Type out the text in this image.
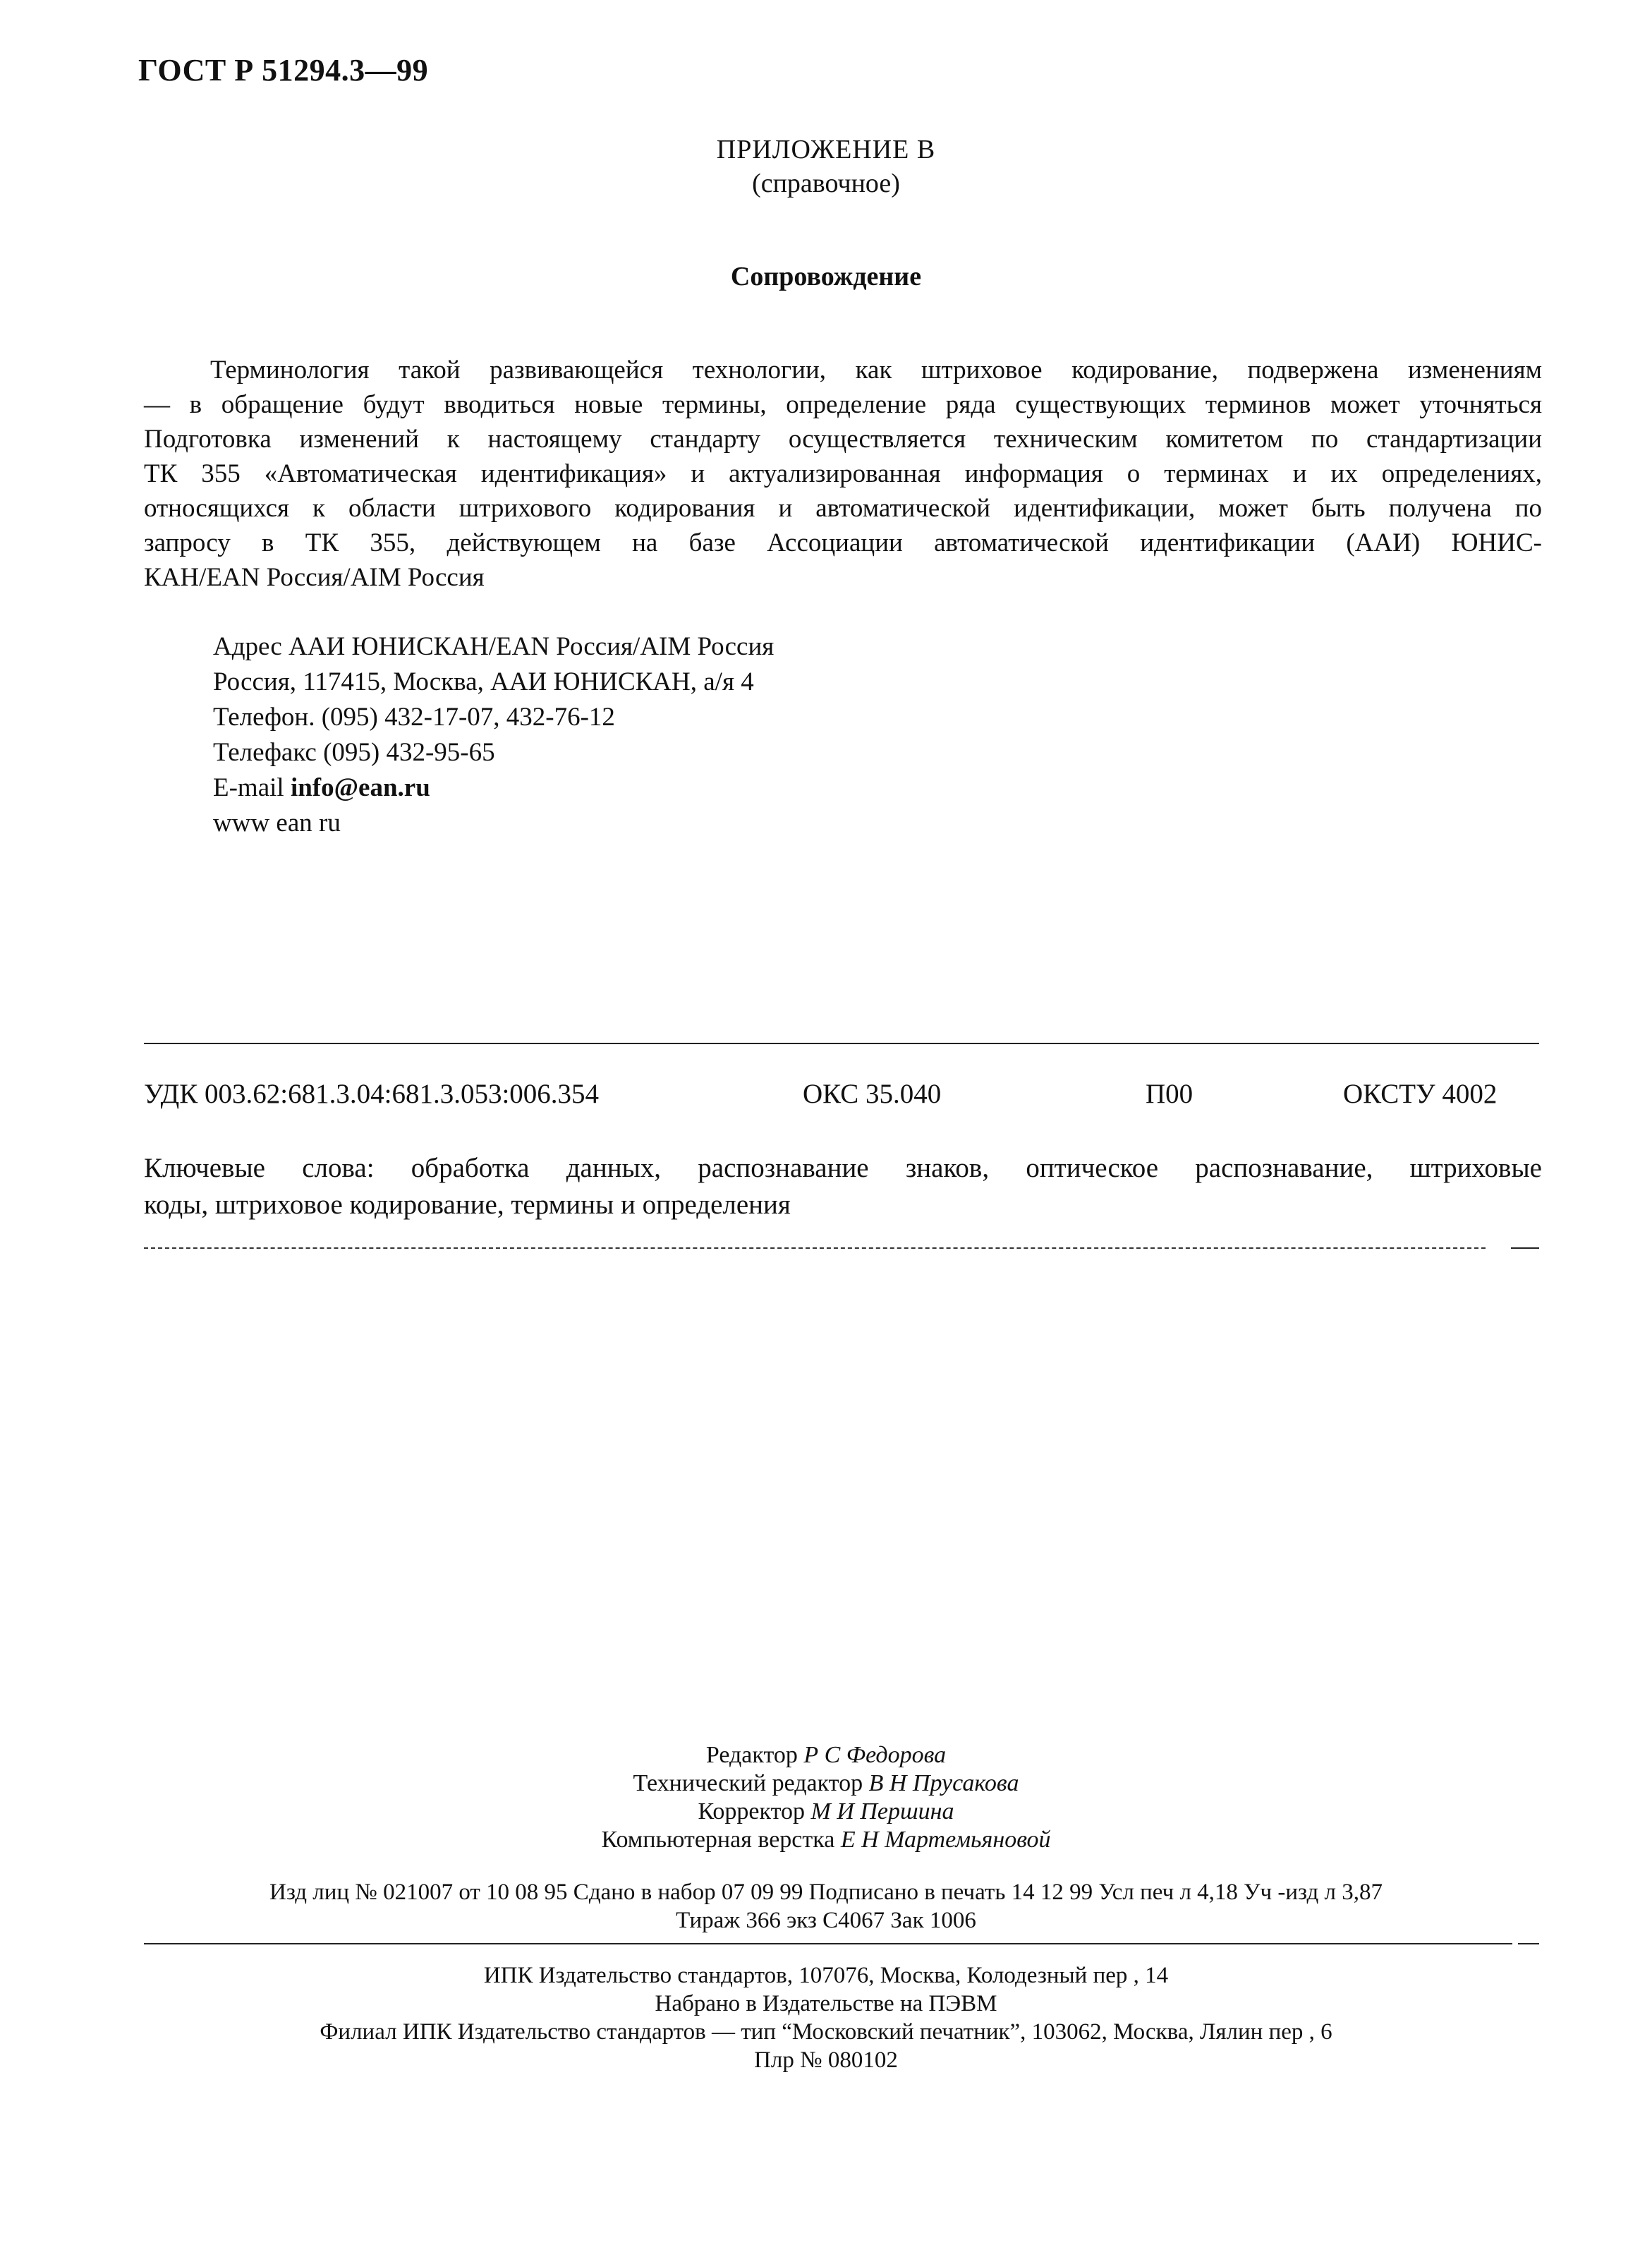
ГОСТ Р 51294.3—99
ПРИЛОЖЕНИЕ В
(справочное)
Сопровождение
Терминология такой развивающейся технологии, как штриховое кодирование, подвержена изменениям
— в обращение будут вводиться новые термины, определение ряда существующих терминов может уточняться
Подготовка изменений к настоящему стандарту осуществляется техническим комитетом по стандартизации
ТК 355 «Автоматическая идентификация» и актуализированная информация о терминах и их определениях,
относящихся к области штрихового кодирования и автоматической идентификации, может быть получена по
запросу в ТК 355, действующем на базе Ассоциации автоматической идентификации (ААИ) ЮНИС-
КАН/EAN Россия/AIM Россия
Адрес ААИ ЮНИСКАН/EAN Россия/AIM Россия
Россия, 117415, Москва, ААИ ЮНИСКАН, а/я 4
Телефон. (095) 432-17-07, 432-76-12
Телефакс (095) 432-95-65
E-mail info@ean.ru
www ean ru
УДК 003.62:681.3.04:681.3.053:006.354	ОКС 35.040	П00	ОКСТУ 4002
Ключевые слова: обработка данных, распознавание знаков, оптическое распознавание, штриховые
коды, штриховое кодирование, термины и определения
Редактор Р С Федорова
Технический редактор В Н Прусакова
Корректор М И Першина
Компьютерная верстка Е Н Мартемьяновой
Изд лиц № 021007 от 10 08 95 Сдано в набор 07 09 99 Подписано в печать 14 12 99 Усл печ л 4,18 Уч -изд л 3,87
Тираж 366 экз С4067 Зак 1006
ИПК Издательство стандартов, 107076, Москва, Колодезный пер , 14
Набрано в Издательстве на ПЭВМ
Филиал ИПК Издательство стандартов — тип “Московский печатник”, 103062, Москва, Лялин пер , 6
Плр № 080102
